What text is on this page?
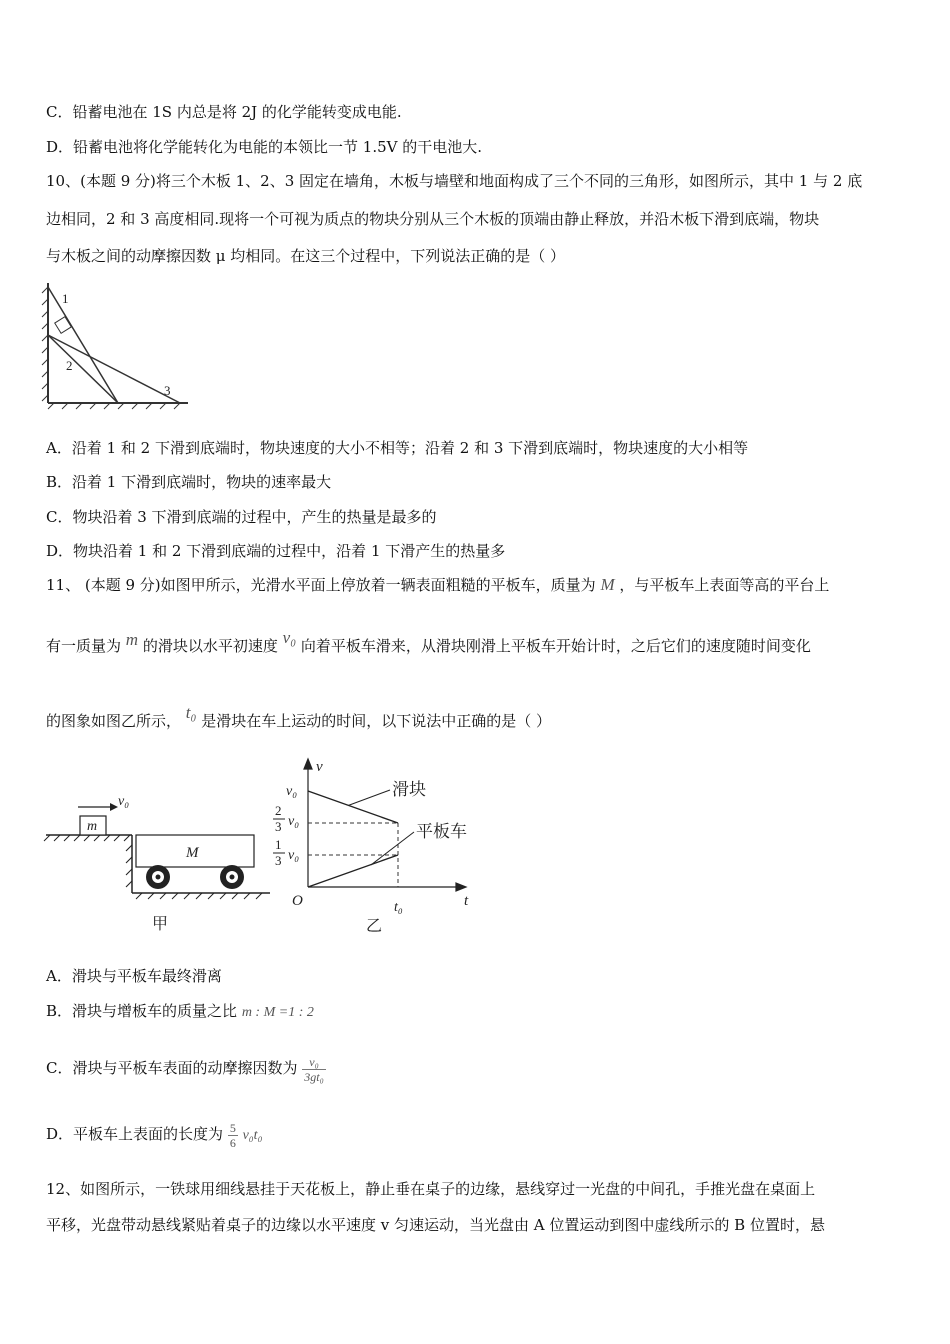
C．铅蓄电池在 1S 内总是将 2J 的化学能转变成电能.
D．铅蓄电池将化学能转化为电能的本领比一节 1.5V 的干电池大.
10、(本题 9 分)将三个木板 1、2、3 固定在墙角，木板与墙壁和地面构成了三个不同的三角形，如图所示，其中 1 与 2 底
边相同，2 和 3 高度相同.现将一个可视为质点的物块分别从三个木板的顶端由静止释放，并沿木板下滑到底端，物块
与木板之间的动摩擦因数 μ 均相同。在这三个过程中，下列说法正确的是（ ）
1
2
3
A．沿着 1 和 2 下滑到底端时，物块速度的大小不相等；沿着 2 和 3 下滑到底端时，物块速度的大小相等
B．沿着 1 下滑到底端时，物块的速率最大
C．物块沿着 3 下滑到底端的过程中，产生的热量是最多的
D．物块沿着 1 和 2 下滑到底端的过程中，沿着 1 下滑产生的热量多
11、 (本题 9 分)如图甲所示，光滑水平面上停放着一辆表面粗糙的平板车，质量为 M ，与平板车上表面等高的平台上
有一质量为 m 的滑块以水平初速度 v₀ 向着平板车滑来，从滑块刚滑上平板车开始计时，之后它们的速度随时间变化
的图象如图乙所示， t₀ 是滑块在车上运动的时间，以下说法中正确的是（ ）
m
v₀
M
甲
v
t
O
v₀
2
3 v₀
1
3 v₀
t₀
滑块
平板车
乙
A．滑块与平板车最终滑离
B．滑块与增板车的质量之比 m : M =1 : 2
C．滑块与平板车表面的动摩擦因数为 $\frac{\text{v₀}}{\text{3gt₀}}$
D．平板车上表面的长度为 $\frac{5}{6} v_0t_0$
12、如图所示，一铁球用细线悬挂于天花板上，静止垂在桌子的边缘，悬线穿过一光盘的中间孔，手推光盘在桌面上
平移，光盘带动悬线紧贴着桌子的边缘以水平速度 v 匀速运动，当光盘由 A 位置运动到图中虚线所示的 B 位置时，悬
